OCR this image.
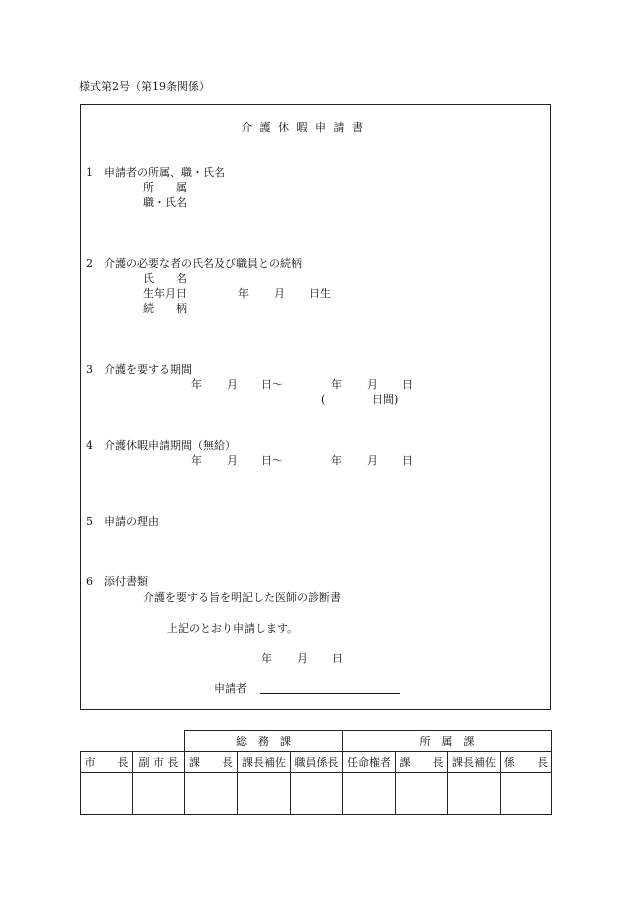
様式第2号（第19条関係）
介 護 休 暇 申 請 書
1　申請者の所属、職・氏名
所　　属
職・氏名
2　介護の必要な者の氏名及び職員との続柄
氏　　名
生年月日	年 月 日生
続　　柄
3　介護を要する期間
年 月 日～	年 月 日
(	日間)
4　介護休暇申請期間（無給）
年 月 日～	年 月 日
5　申請の理由
6　添付書類
介護を要する旨を明記した医師の診断書
上記のとおり申請します。
年 月 日
申請者
		総　務　課			所　属　課			
市　　長	副 市 長	課　　長	課長補佐	職員係長	任命権者	課　　長	課長補佐	係　　長
